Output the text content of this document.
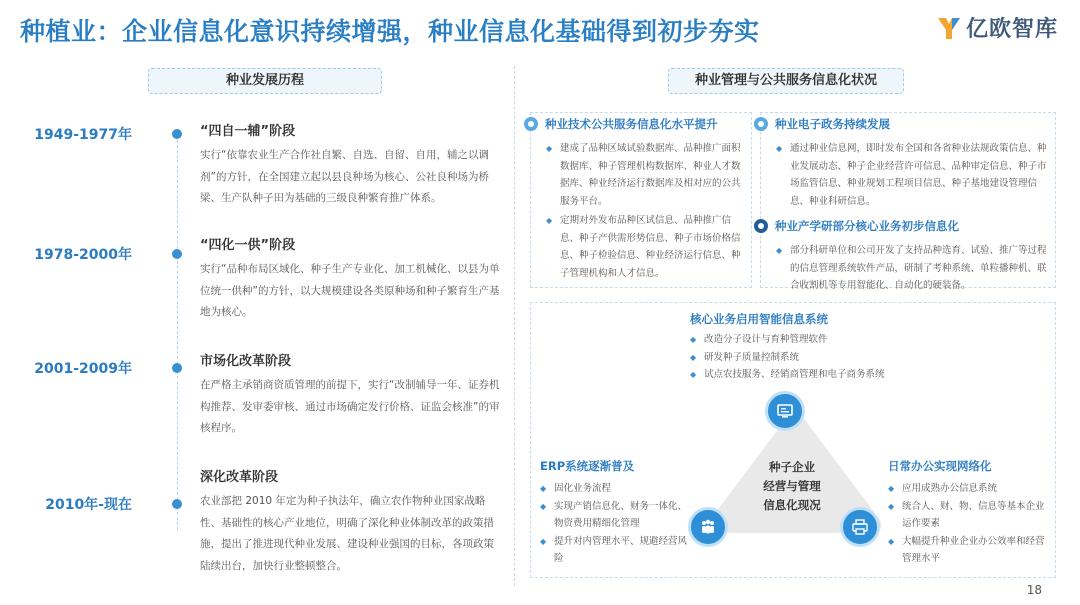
种植业：企业信息化意识持续增强，种业信息化基础得到初步夯实	亿欧智库
种业发展历程	种业管理与公共服务信息化状况
1949-1977年	“四自一辅”阶段
实行“依靠农业生产合作社自繁、自选、自留、自用，辅之以调剂”的方针，在全国建立起以县良种场为核心、公社良种场为桥梁、生产队种子田为基础的三级良种繁育推广体系。
1978-2000年
“四化一供”阶段
实行“品种布局区域化、种子生产专业化、加工机械化、以县为单位统一供种”的方针，以大规模建设各类原种场和种子繁育生产基地为核心。
2001-2009年	市场化改革阶段
在严格主承销商资质管理的前提下，实行“改制辅导一年、证券机构推荐、发审委审核、通过市场确定发行价格、证监会核准”的审核程序。
2010年-现在
深化改革阶段
农业部把 2010 年定为种子执法年，确立农作物种业国家战略性、基础性的核心产业地位，明确了深化种业体制改革的政策措施，提出了推进现代种业发展、建设种业强国的目标，各项政策陆续出台，加快行业整顿整合。
种业技术公共服务信息化水平提升
◆ 建成了品种区域试验数据库、品种推广面积数据库、种子管理机构数据库、种业人才数据库、种业经济运行数据库及相对应的公共服务平台。
◆ 定期对外发布品种区试信息、品种推广信息、种子产供需形势信息、种子市场价格信息、种子检验信息、种业经济运行信息、种子管理机构和人才信息。
种业电子政务持续发展
◆ 通过种业信息网，即时发布全国和各省种业法规政策信息、种业发展动态、种子企业经营许可信息、品种审定信息、种子市场监管信息、种业规划工程项目信息、种子基地建设管理信息、种业科研信息。
种业产学研部分核心业务初步信息化
◆ 部分科研单位和公司开发了支持品种选育、试验、推广等过程的信息管理系统软件产品，研制了考种系统、单粒播种机、联合收割机等专用智能化、自动化的硬装备。
种子企业
经营与管理
信息化现况
核心业务启用智能信息系统
◆ 改造分子设计与育种管理软件
◆ 研发种子质量控制系统
◆ 试点农技服务、经销商管理和电子商务系统
ERP系统逐渐普及
◆ 固化业务流程
◆ 实现产销信息化、财务一体化、物资费用精细化管理
◆ 提升对内管理水平、规避经营风险
日常办公实现网络化
◆ 应用成熟办公信息系统
◆ 统合人、财、物、信息等基本企业运作要素
◆ 大幅提升种业企业办公效率和经营管理水平
18
